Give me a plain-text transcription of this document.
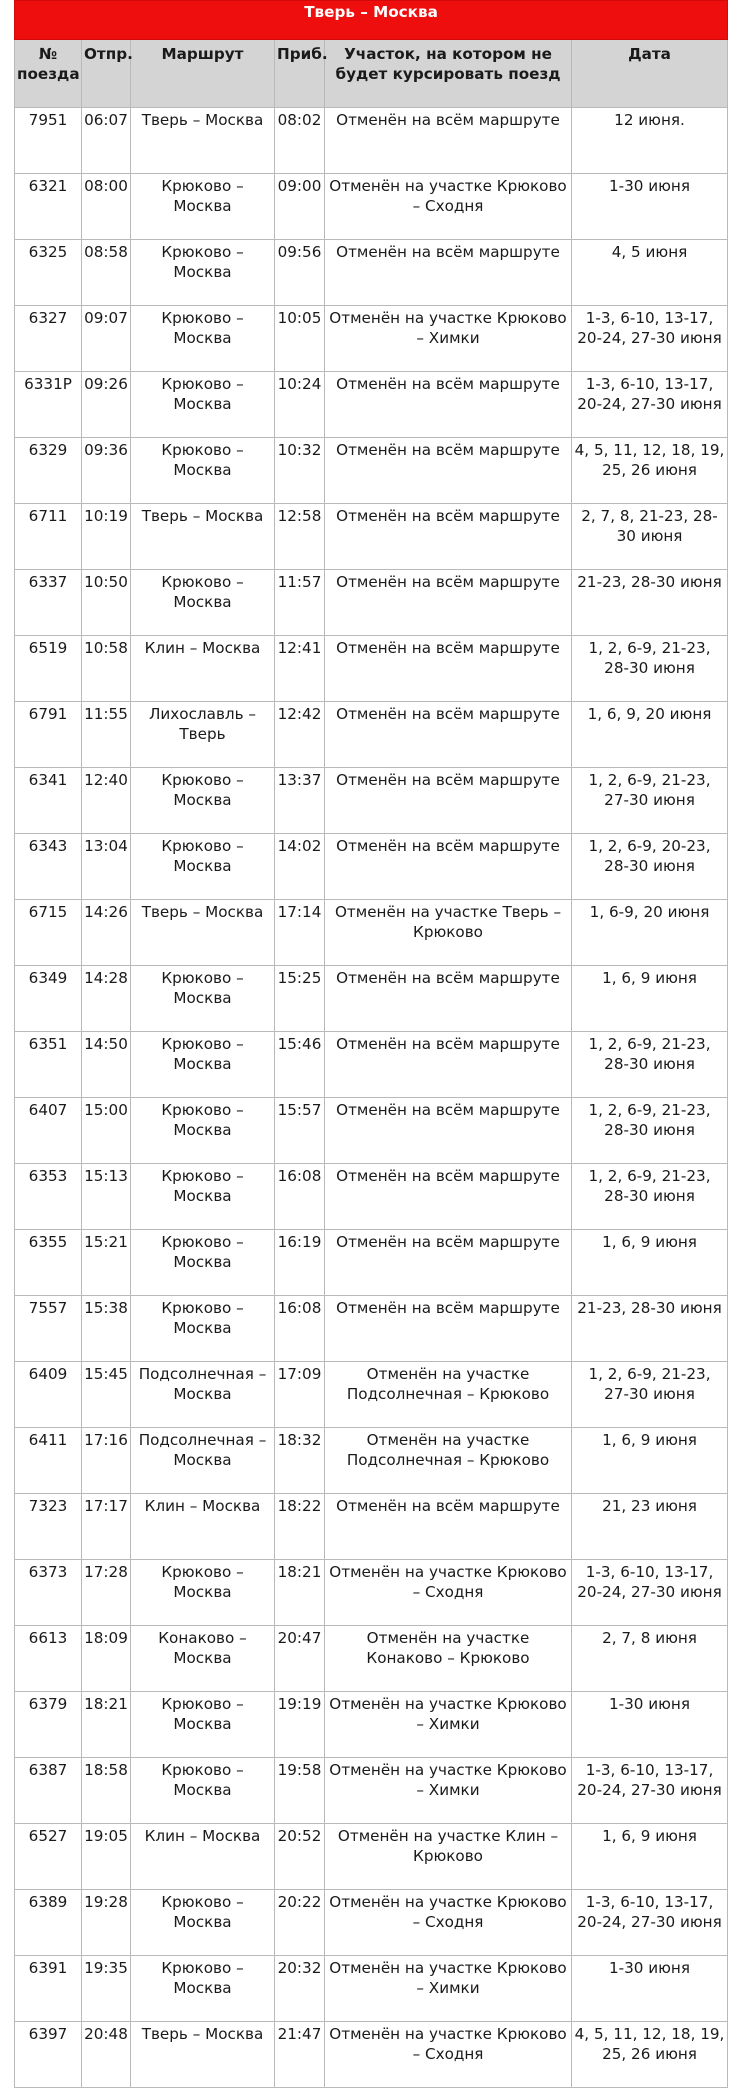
Тверь – Москва					

№ поезда	Отпр.	Маршрут	Приб.	Участок, на котором не будет курсировать поезд	Дата
7951	06:07	Тверь – Москва	08:02	Отменён на всём маршруте	12 июня.
6321	08:00	Крюково – Москва	09:00	Отменён на участке Крюково – Сходня	1-30 июня
6325	08:58	Крюково – Москва	09:56	Отменён на всём маршруте	4, 5 июня
6327	09:07	Крюково – Москва	10:05	Отменён на участке Крюково – Химки	1-3, 6-10, 13-17, 20-24, 27-30 июня
6331Р	09:26	Крюково – Москва	10:24	Отменён на всём маршруте	1-3, 6-10, 13-17, 20-24, 27-30 июня
6329	09:36	Крюково – Москва	10:32	Отменён на всём маршруте	4, 5, 11, 12, 18, 19, 25, 26 июня
6711	10:19	Тверь – Москва	12:58	Отменён на всём маршруте	2, 7, 8, 21-23, 28-30 июня
6337	10:50	Крюково – Москва	11:57	Отменён на всём маршруте	21-23, 28-30 июня
6519	10:58	Клин – Москва	12:41	Отменён на всём маршруте	1, 2, 6-9, 21-23, 28-30 июня
6791	11:55	Лихославль – Тверь	12:42	Отменён на всём маршруте	1, 6, 9, 20 июня
6341	12:40	Крюково – Москва	13:37	Отменён на всём маршруте	1, 2, 6-9, 21-23, 27-30 июня
6343	13:04	Крюково – Москва	14:02	Отменён на всём маршруте	1, 2, 6-9, 20-23, 28-30 июня
6715	14:26	Тверь – Москва	17:14	Отменён на участке Тверь – Крюково	1, 6-9, 20 июня
6349	14:28	Крюково – Москва	15:25	Отменён на всём маршруте	1, 6, 9 июня
6351	14:50	Крюково – Москва	15:46	Отменён на всём маршруте	1, 2, 6-9, 21-23, 28-30 июня
6407	15:00	Крюково – Москва	15:57	Отменён на всём маршруте	1, 2, 6-9, 21-23, 28-30 июня
6353	15:13	Крюково – Москва	16:08	Отменён на всём маршруте	1, 2, 6-9, 21-23, 28-30 июня
6355	15:21	Крюково – Москва	16:19	Отменён на всём маршруте	1, 6, 9 июня
7557	15:38	Крюково – Москва	16:08	Отменён на всём маршруте	21-23, 28-30 июня
6409	15:45	Подсолнечная – Москва	17:09	Отменён на участке Подсолнечная – Крюково	1, 2, 6-9, 21-23, 27-30 июня
6411	17:16	Подсолнечная – Москва	18:32	Отменён на участке Подсолнечная – Крюково	1, 6, 9 июня
7323	17:17	Клин – Москва	18:22	Отменён на всём маршруте	21, 23 июня
6373	17:28	Крюково – Москва	18:21	Отменён на участке Крюково – Сходня	1-3, 6-10, 13-17, 20-24, 27-30 июня
6613	18:09	Конаково – Москва	20:47	Отменён на участке Конаково – Крюково	2, 7, 8 июня
6379	18:21	Крюково – Москва	19:19	Отменён на участке Крюково – Химки	1-30 июня
6387	18:58	Крюково – Москва	19:58	Отменён на участке Крюково – Химки	1-3, 6-10, 13-17, 20-24, 27-30 июня
6527	19:05	Клин – Москва	20:52	Отменён на участке Клин – Крюково	1, 6, 9 июня
6389	19:28	Крюково – Москва	20:22	Отменён на участке Крюково – Сходня	1-3, 6-10, 13-17, 20-24, 27-30 июня
6391	19:35	Крюково – Москва	20:32	Отменён на участке Крюково – Химки	1-30 июня
6397	20:48	Тверь – Москва	21:47	Отменён на участке Крюково – Сходня	4, 5, 11, 12, 18, 19, 25, 26 июня
